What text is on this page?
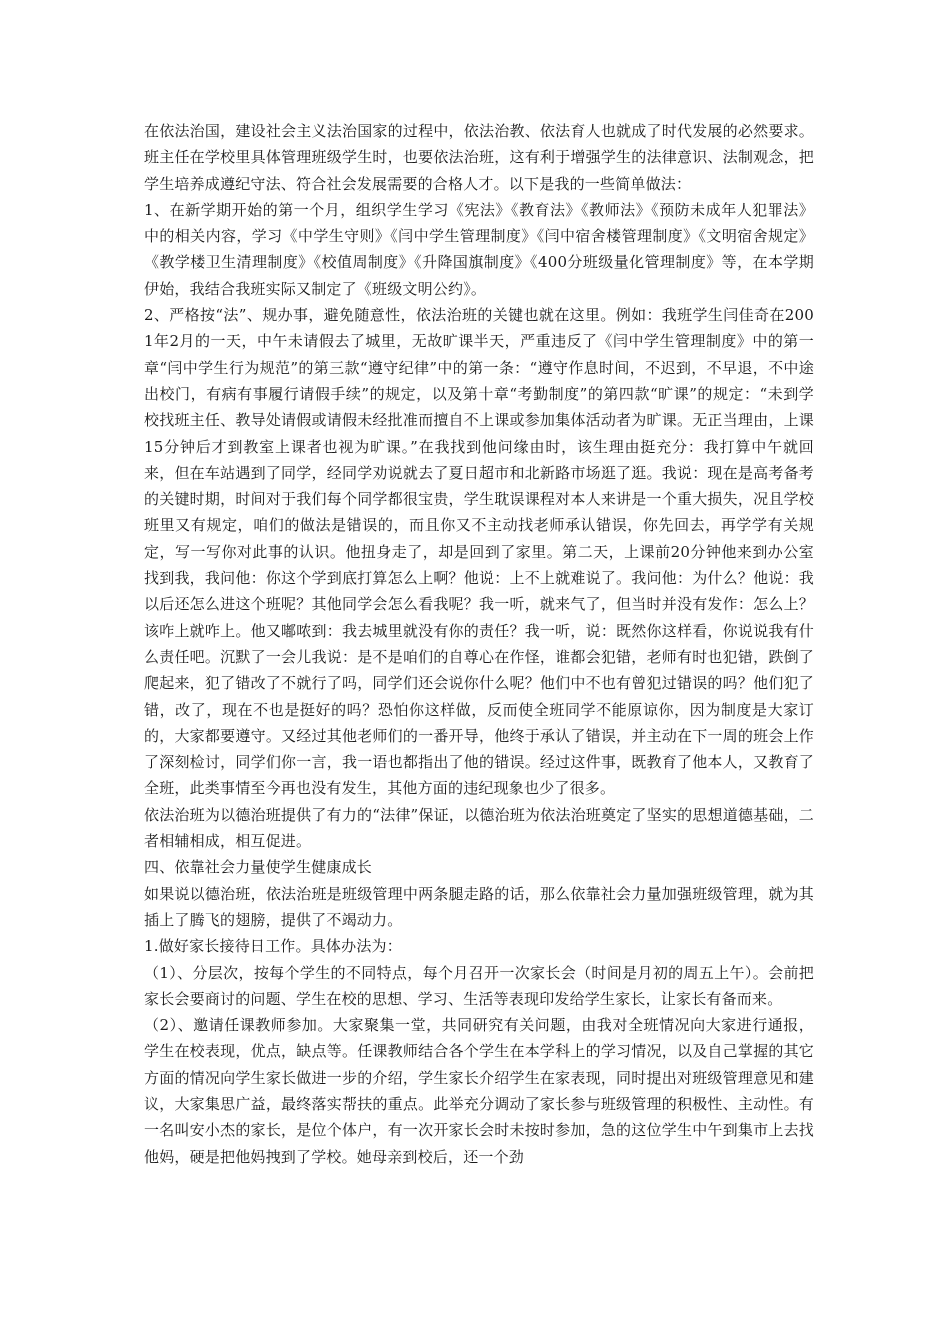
在依法治国，建设社会主义法治国家的过程中，依法治教、依法育人也就成了时代发展的必然要求。班主任在学校里具体管理班级学生时，也要依法治班，这有利于增强学生的法律意识、法制观念，把学生培养成遵纪守法、符合社会发展需要的合格人才。以下是我的一些简单做法：

1、在新学期开始的第一个月，组织学生学习《宪法》《教育法》《教师法》《预防未成年人犯罪法》中的相关内容，学习《中学生守则》《闫中学生管理制度》《闫中宿舍楼管理制度》《文明宿舍规定》《教学楼卫生清理制度》《校值周制度》《升降国旗制度》《400分班级量化管理制度》等，在本学期伊始，我结合我班实际又制定了《班级文明公约》。

2、严格按“法”、规办事，避免随意性，依法治班的关键也就在这里。例如：我班学生闫佳奇在2001年2月的一天，中午未请假去了城里，无故旷课半天，严重违反了《闫中学生管理制度》中的第一章“闫中学生行为规范”的第三款“遵守纪律”中的第一条：“遵守作息时间，不迟到，不早退，不中途出校门，有病有事履行请假手续”的规定，以及第十章“考勤制度”的第四款“旷课”的规定：“未到学校找班主任、教导处请假或请假未经批准而擅自不上课或参加集体活动者为旷课。无正当理由，上课15分钟后才到教室上课者也视为旷课。”在我找到他问缘由时，该生理由挺充分：我打算中午就回来，但在车站遇到了同学，经同学劝说就去了夏日超市和北新路市场逛了逛。我说：现在是高考备考的关键时期，时间对于我们每个同学都很宝贵，学生耽误课程对本人来讲是一个重大损失，况且学校班里又有规定，咱们的做法是错误的，而且你又不主动找老师承认错误，你先回去，再学学有关规定，写一写你对此事的认识。他扭身走了，却是回到了家里。第二天，上课前20分钟他来到办公室找到我，我问他：你这个学到底打算怎么上啊？他说：上不上就难说了。我问他：为什么？他说：我以后还怎么进这个班呢？其他同学会怎么看我呢？我一听，就来气了，但当时并没有发作：怎么上？该咋上就咋上。他又嘟哝到：我去城里就没有你的责任？我一听，说：既然你这样看，你说说我有什么责任吧。沉默了一会儿我说：是不是咱们的自尊心在作怪，谁都会犯错，老师有时也犯错，跌倒了爬起来，犯了错改了不就行了吗，同学们还会说你什么呢？他们中不也有曾犯过错误的吗？他们犯了错，改了，现在不也是挺好的吗？恐怕你这样做，反而使全班同学不能原谅你，因为制度是大家订的，大家都要遵守。又经过其他老师们的一番开导，他终于承认了错误，并主动在下一周的班会上作了深刻检讨，同学们你一言，我一语也都指出了他的错误。经过这件事，既教育了他本人，又教育了全班，此类事情至今再也没有发生，其他方面的违纪现象也少了很多。

依法治班为以德治班提供了有力的“法律”保证，以德治班为依法治班奠定了坚实的思想道德基础，二者相辅相成，相互促进。

四、依靠社会力量使学生健康成长

如果说以德治班，依法治班是班级管理中两条腿走路的话，那么依靠社会力量加强班级管理，就为其插上了腾飞的翅膀，提供了不竭动力。

1.做好家长接待日工作。具体办法为：

（1）、分层次，按每个学生的不同特点，每个月召开一次家长会（时间是月初的周五上午）。会前把家长会要商讨的问题、学生在校的思想、学习、生活等表现印发给学生家长，让家长有备而来。

（2）、邀请任课教师参加。大家聚集一堂，共同研究有关问题，由我对全班情况向大家进行通报，学生在校表现，优点，缺点等。任课教师结合各个学生在本学科上的学习情况，以及自己掌握的其它方面的情况向学生家长做进一步的介绍，学生家长介绍学生在家表现，同时提出对班级管理意见和建议，大家集思广益，最终落实帮扶的重点。此举充分调动了家长参与班级管理的积极性、主动性。有一名叫安小杰的家长，是位个体户，有一次开家长会时未按时参加，急的这位学生中午到集市上去找他妈，硬是把他妈拽到了学校。她母亲到校后，还一个劲
